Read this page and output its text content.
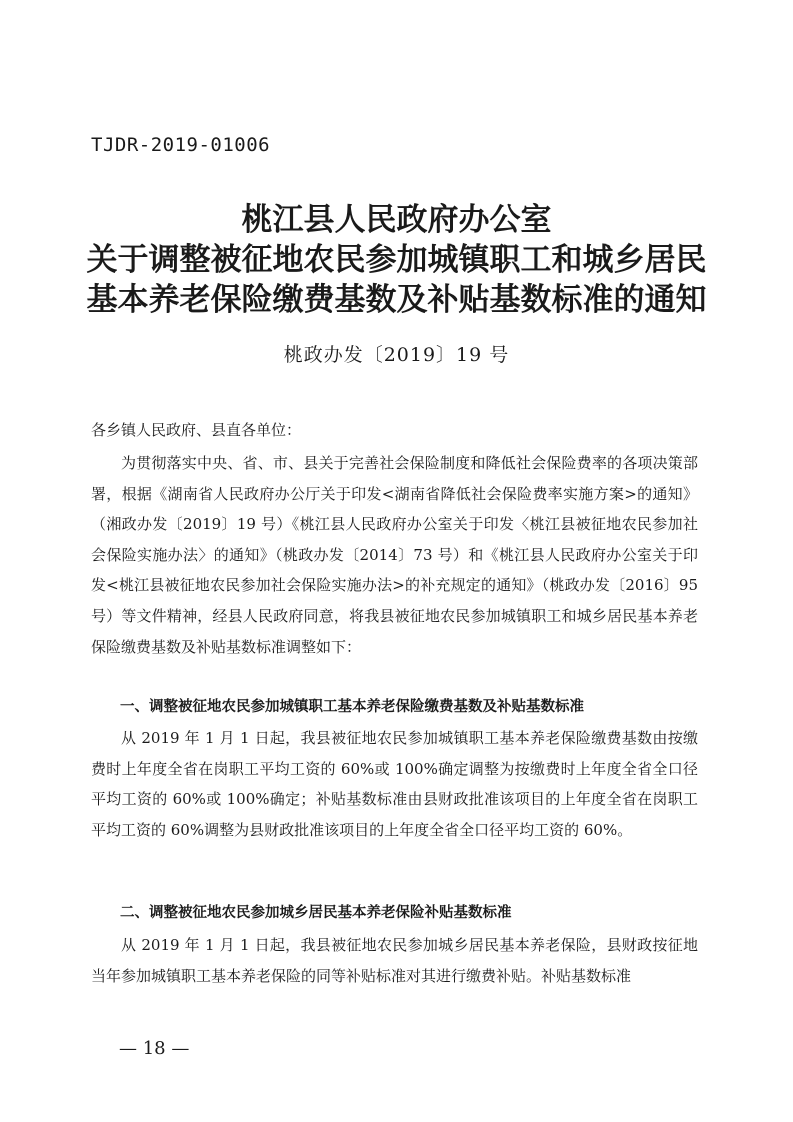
TJDR-2019-01006
桃江县人民政府办公室
关于调整被征地农民参加城镇职工和城乡居民
基本养老保险缴费基数及补贴基数标准的通知
桃政办发〔2019〕19 号

各乡镇人民政府、县直各单位：

为贯彻落实中央、省、市、县关于完善社会保险制度和降低社会保险费率的各项决策部署，根据《湖南省人民政府办公厅关于印发<湖南省降低社会保险费率实施方案>的通知》（湘政办发〔2019〕19 号）《桃江县人民政府办公室关于印发〈桃江县被征地农民参加社会保险实施办法〉的通知》（桃政办发〔2014〕73 号）和《桃江县人民政府办公室关于印发<桃江县被征地农民参加社会保险实施办法>的补充规定的通知》（桃政办发〔2016〕95 号）等文件精神，经县人民政府同意，将我县被征地农民参加城镇职工和城乡居民基本养老保险缴费基数及补贴基数标准调整如下：

一、调整被征地农民参加城镇职工基本养老保险缴费基数及补贴基数标准

从 2019 年 1 月 1 日起，我县被征地农民参加城镇职工基本养老保险缴费基数由按缴费时上年度全省在岗职工平均工资的 60%或 100%确定调整为按缴费时上年度全省全口径平均工资的 60%或 100%确定；补贴基数标准由县财政批准该项目的上年度全省在岗职工平均工资的 60%调整为县财政批准该项目的上年度全省全口径平均工资的 60%。

二、调整被征地农民参加城乡居民基本养老保险补贴基数标准

从 2019 年 1 月 1 日起，我县被征地农民参加城乡居民基本养老保险，县财政按征地当年参加城镇职工基本养老保险的同等补贴标准对其进行缴费补贴。补贴基数标准

— 18 —
